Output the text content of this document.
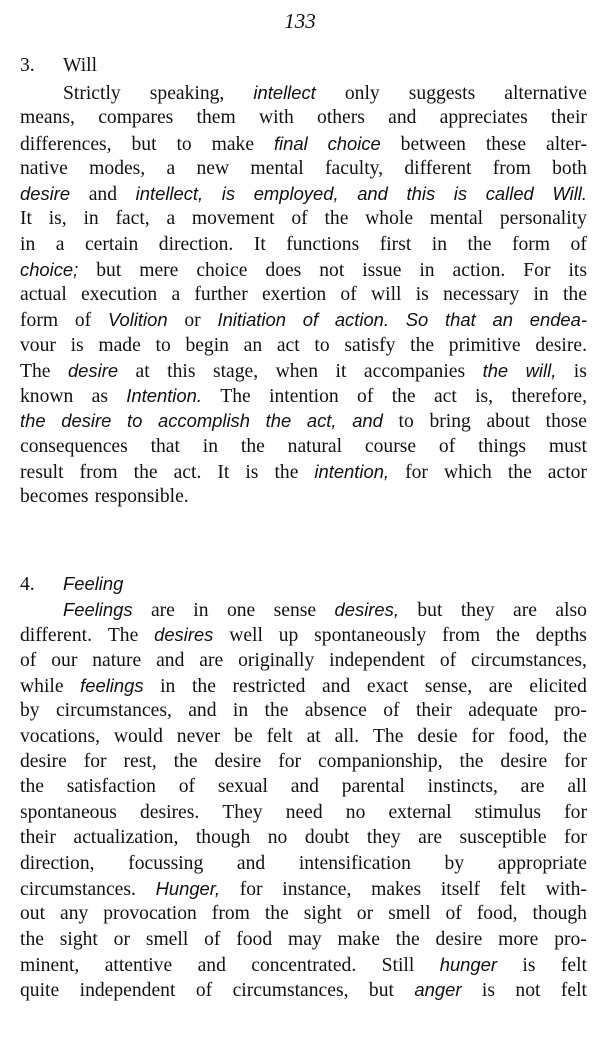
133
3. Will
Strictly speaking, intellect only suggests alternative
means, compares them with others and appreciates their
differences, but to make final choice between these alter-
native modes, a new mental faculty, different from both
desire and intellect, is employed, and this is called Will.
It is, in fact, a movement of the whole mental personality
in a certain direction. It functions first in the form of
choice; but mere choice does not issue in action. For its
actual execution a further exertion of will is necessary in the
form of Volition or Initiation of action. So that an endea-
vour is made to begin an act to satisfy the primitive desire.
The desire at this stage, when it accompanies the will, is
known as Intention. The intention of the act is, therefore,
the desire to accomplish the act, and to bring about those
consequences that in the natural course of things must
result from the act. It is the intention, for which the actor
becomes responsible.
4. Feeling
Feelings are in one sense desires, but they are also
different. The desires well up spontaneously from the depths
of our nature and are originally independent of circumstances,
while feelings in the restricted and exact sense, are elicited
by circumstances, and in the absence of their adequate pro-
vocations, would never be felt at all. The desie for food, the
desire for rest, the desire for companionship, the desire for
the satisfaction of sexual and parental instincts, are all
spontaneous desires. They need no external stimulus for
their actualization, though no doubt they are susceptible for
direction, focussing and intensification by appropriate
circumstances. Hunger, for instance, makes itself felt with-
out any provocation from the sight or smell of food, though
the sight or smell of food may make the desire more pro-
minent, attentive and concentrated. Still hunger is felt
quite independent of circumstances, but anger is not felt
